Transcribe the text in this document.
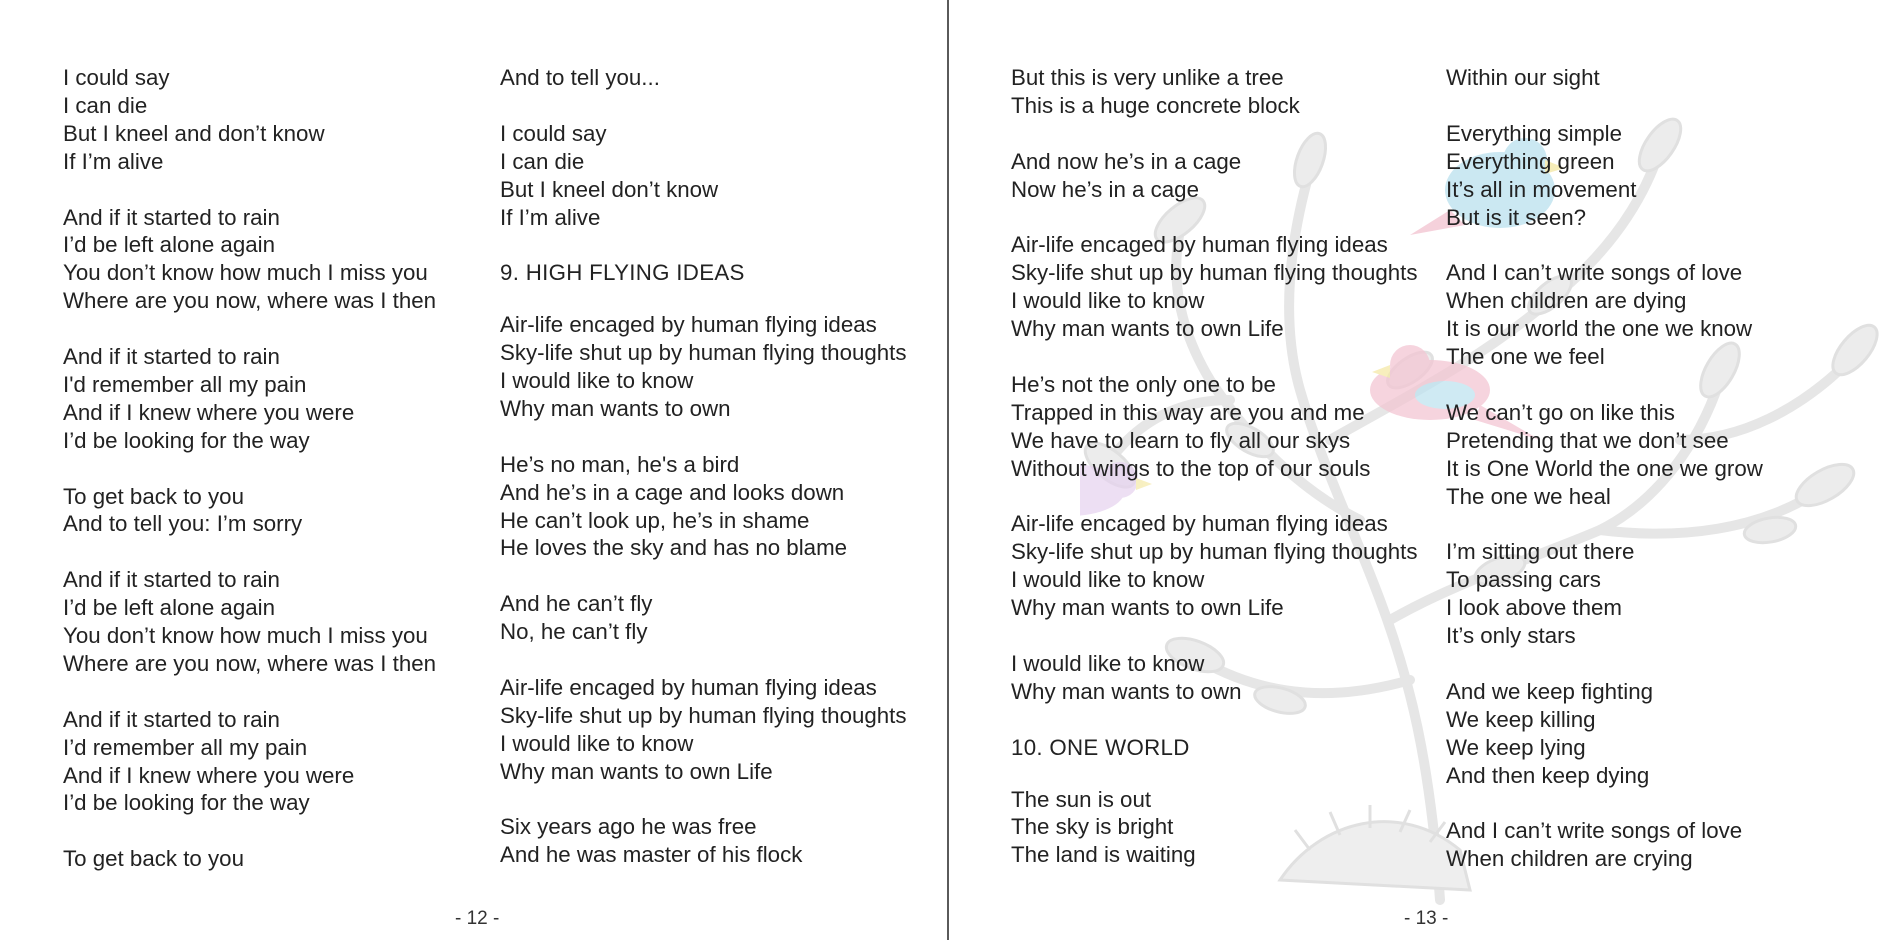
I could say
I can die
But I kneel and don’t know
If I’m alive
And if it started to rain
I’d be left alone again
You don’t know how much I miss you
Where are you now, where was I then
And if it started to rain
I'd remember all my pain
And if I knew where you were
I’d be looking for the way
To get back to you
And to tell you: I’m sorry
And if it started to rain
I’d be left alone again
You don’t know how much I miss you
Where are you now, where was I then
And if it started to rain
I’d remember all my pain
And if I knew where you were
I’d be looking for the way
To get back to you
And to tell you...
I could say
I can die
But I kneel don’t know
If I’m alive
9. HIGH FLYING IDEAS
Air-life encaged by human flying ideas
Sky-life shut up by human flying thoughts
I would like to know
Why man wants to own
He’s no man, he's a bird
And he’s in a cage and looks down
He can’t look up, he’s in shame
He loves the sky and has no blame
And he can’t fly
No, he can’t fly
Air-life encaged by human flying ideas
Sky-life shut up by human flying thoughts
I would like to know
Why man wants to own Life
Six years ago he was free
And he was master of his flock
- 12 -
But this is very unlike a tree
This is a huge concrete block
And now he’s in a cage
Now he’s in a cage
Air-life encaged by human flying ideas
Sky-life shut up by human flying thoughts
I would like to know
Why man wants to own Life
He’s not the only one to be
Trapped in this way are you and me
We have to learn to fly all our skys
Without wings to the top of our souls
Air-life encaged by human flying ideas
Sky-life shut up by human flying thoughts
I would like to know
Why man wants to own Life
I would like to know
Why man wants to own
10. ONE WORLD
The sun is out
The sky is bright
The land is waiting
Within our sight
Everything simple
Everything green
It’s all in movement
But is it seen?
And I can’t write songs of love
When children are dying
It is our world the one we know
The one we feel
We can’t go on like this
Pretending that we don’t see
It is One World the one we grow
The one we heal
I’m sitting out there
To passing cars
I look above them
It’s only stars
And we keep fighting
We keep killing
We keep lying
And then keep dying
And I can’t write songs of love
When children are crying
- 13 -
